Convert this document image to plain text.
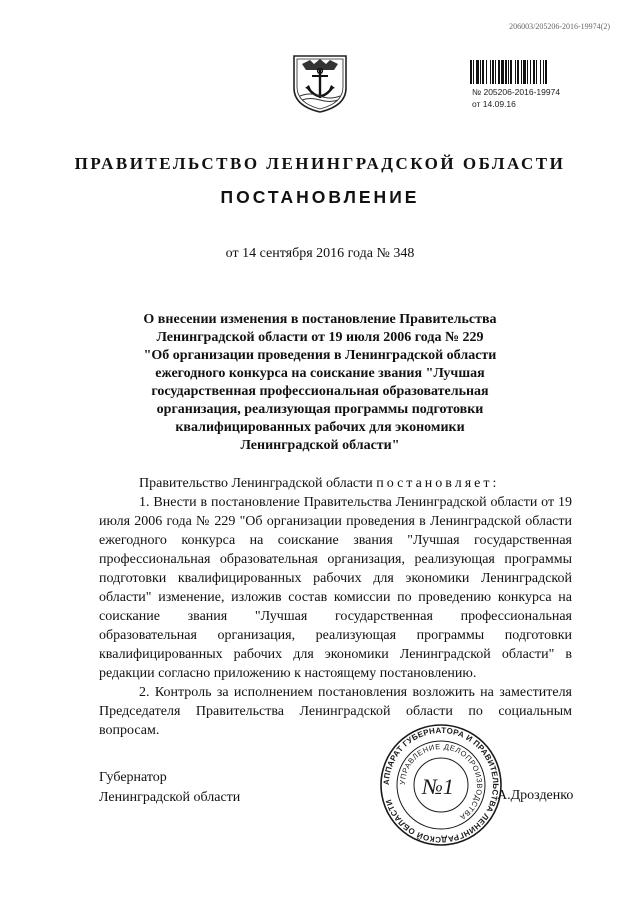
206003/205206-2016-19974(2)
№ 205206-2016-19974
от 14.09.16
ПРАВИТЕЛЬСТВО ЛЕНИНГРАДСКОЙ ОБЛАСТИ
ПОСТАНОВЛЕНИЕ
от 14 сентября 2016 года № 348
О внесении изменения в постановление Правительства
Ленинградской области от 19 июля 2006 года № 229
"Об организации проведения в Ленинградской области
ежегодного конкурса на соискание звания "Лучшая
государственная профессиональная образовательная
организация, реализующая программы подготовки
квалифицированных рабочих для экономики
Ленинградской области"

Правительство Ленинградской области постановляет:

1. Внести в постановление Правительства Ленинградской области от 19 июля 2006 года № 229 "Об организации проведения в Ленинградской области ежегодного конкурса на соискание звания "Лучшая государственная профессиональная образовательная организация, реализующая программы подготовки квалифицированных рабочих для экономики Ленинградской области" изменение, изложив состав комиссии по проведению конкурса на соискание звания "Лучшая государственная профессиональная образовательная организация, реализующая программы подготовки квалифицированных рабочих для экономики Ленинградской области" в редакции согласно приложению к настоящему постановлению.

2. Контроль за исполнением постановления возложить на заместителя Председателя Правительства Ленинградской области по социальным вопросам.

Губернатор
Ленинградской области
АППАРАТ ГУБЕРНАТОРА И ПРАВИТЕЛЬСТВА ЛЕНИНГРАДСКОЙ ОБЛАСТИ
УПРАВЛЕНИЕ ДЕЛОПРОИЗВОДСТВА
№1	А.Дрозденко
